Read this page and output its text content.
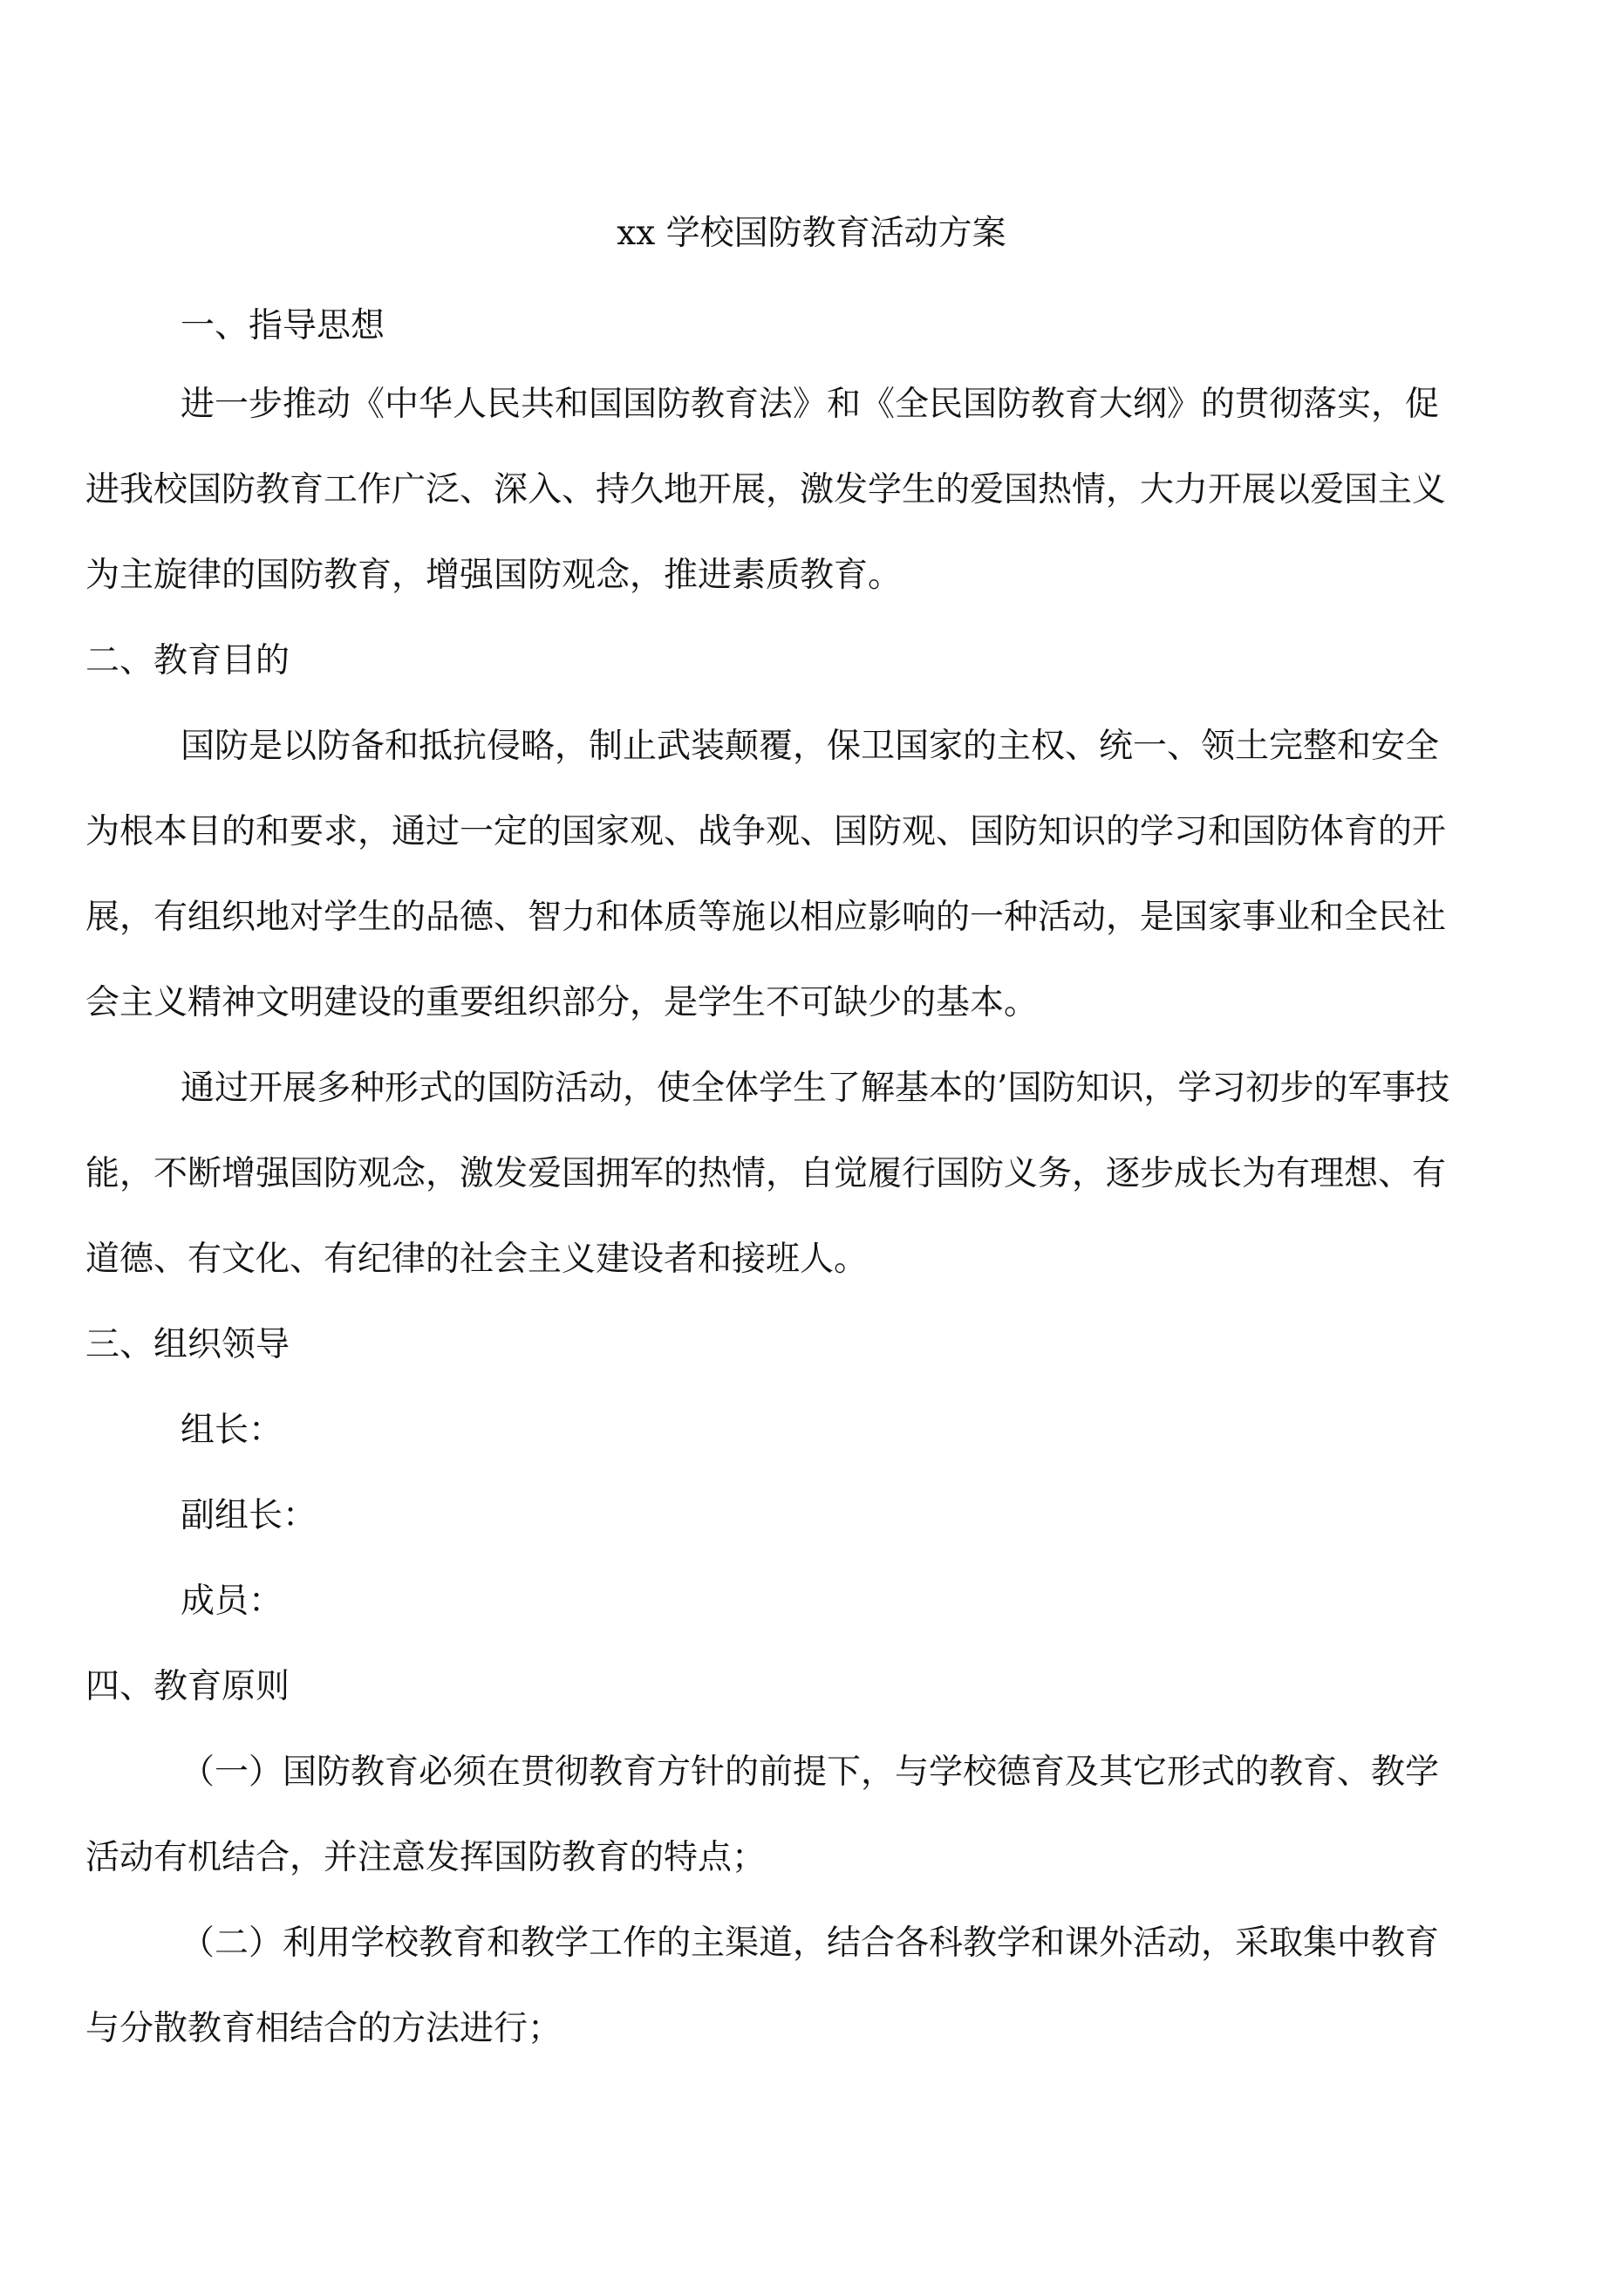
xx 学校国防教育活动方案
一、指导思想
进一步推动《中华人民共和国国防教育法》和《全民国防教育大纲》的贯彻落实，促
进我校国防教育工作广泛、深入、持久地开展，激发学生的爱国热情，大力开展以爱国主义
为主旋律的国防教育，增强国防观念，推进素质教育。
二、教育目的
国防是以防备和抵抗侵略，制止武装颠覆，保卫国家的主权、统一、领土完整和安全
为根本目的和要求，通过一定的国家观、战争观、国防观、国防知识的学习和国防体育的开
展，有组织地对学生的品德、智力和体质等施以相应影响的一种活动，是国家事业和全民社
会主义精神文明建设的重要组织部分，是学生不可缺少的基本。
通过开展多种形式的国防活动，使全体学生了解基本的’国防知识，学习初步的军事技
能，不断增强国防观念，激发爱国拥军的热情，自觉履行国防义务，逐步成长为有理想、有
道德、有文化、有纪律的社会主义建设者和接班人。
三、组织领导
组长：
副组长：
成员：
四、教育原则
（一）国防教育必须在贯彻教育方针的前提下，与学校德育及其它形式的教育、教学
活动有机结合，并注意发挥国防教育的特点；
（二）利用学校教育和教学工作的主渠道，结合各科教学和课外活动，采取集中教育
与分散教育相结合的方法进行；
